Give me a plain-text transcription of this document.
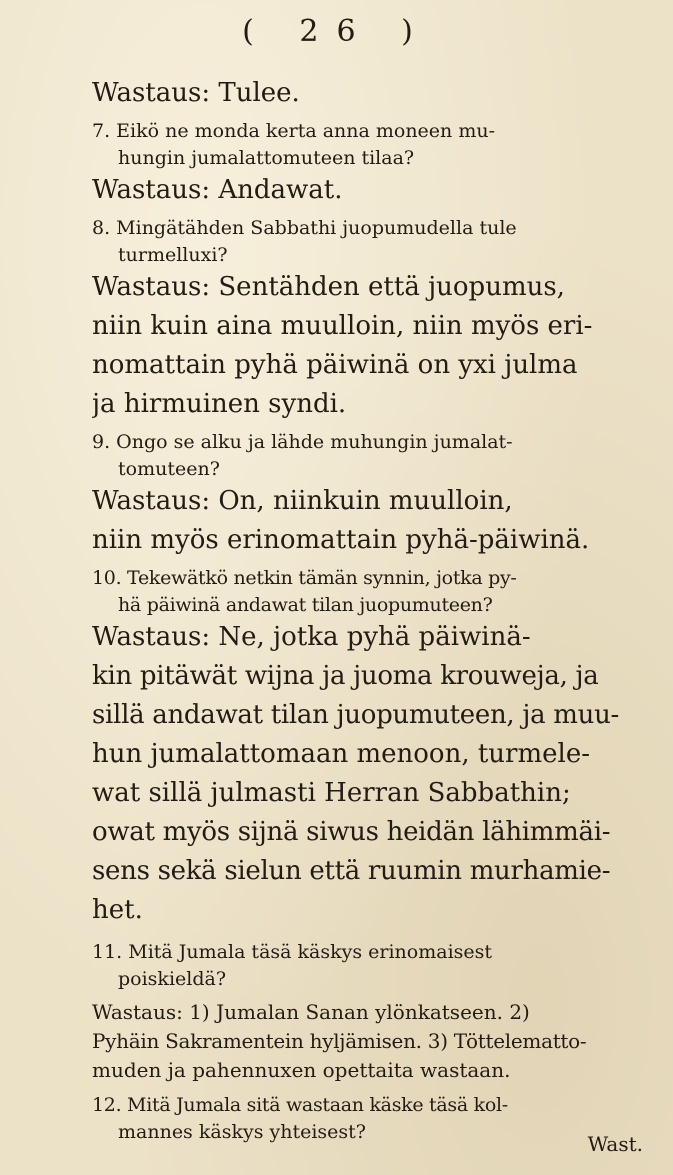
( 26 )
Wastaus: Tulee.
7. Eikö ne monda kerta anna moneen mu-
hungin jumalattomuteen tilaa?
Wastaus: Andawat.
8. Mingätähden Sabbathi juopumudella tule
turmelluxi?
Wastaus: Sentähden että juopumus,
niin kuin aina muulloin, niin myös eri-
nomattain pyhä päiwinä on yxi julma
ja hirmuinen syndi.
9. Ongo se alku ja lähde muhungin jumalat-
tomuteen?
Wastaus: On, niinkuin muulloin,
niin myös erinomattain pyhä-päiwinä.
10. Tekewätkö netkin tämän synnin, jotka py-
hä päiwinä andawat tilan juopumuteen?
Wastaus: Ne, jotka pyhä päiwinä-
kin pitäwät wijna ja juoma krouweja, ja
sillä andawat tilan juopumuteen, ja muu-
hun jumalattomaan menoon, turmele-
wat sillä julmasti Herran Sabbathin;
owat myös sijnä siwus heidän lähimmäi-
sens sekä sielun että ruumin murhamie-
het.
11. Mitä Jumala täsä käskys erinomaisest
poiskieldä?
Wastaus: 1) Jumalan Sanan ylönkatseen. 2)
Pyhäin Sakramentein hyljämisen. 3) Töttelematto-
muden ja pahennuxen opettaita wastaan.
12. Mitä Jumala sitä wastaan käske täsä kol-
mannes käskys yhteisest?	Wast.
